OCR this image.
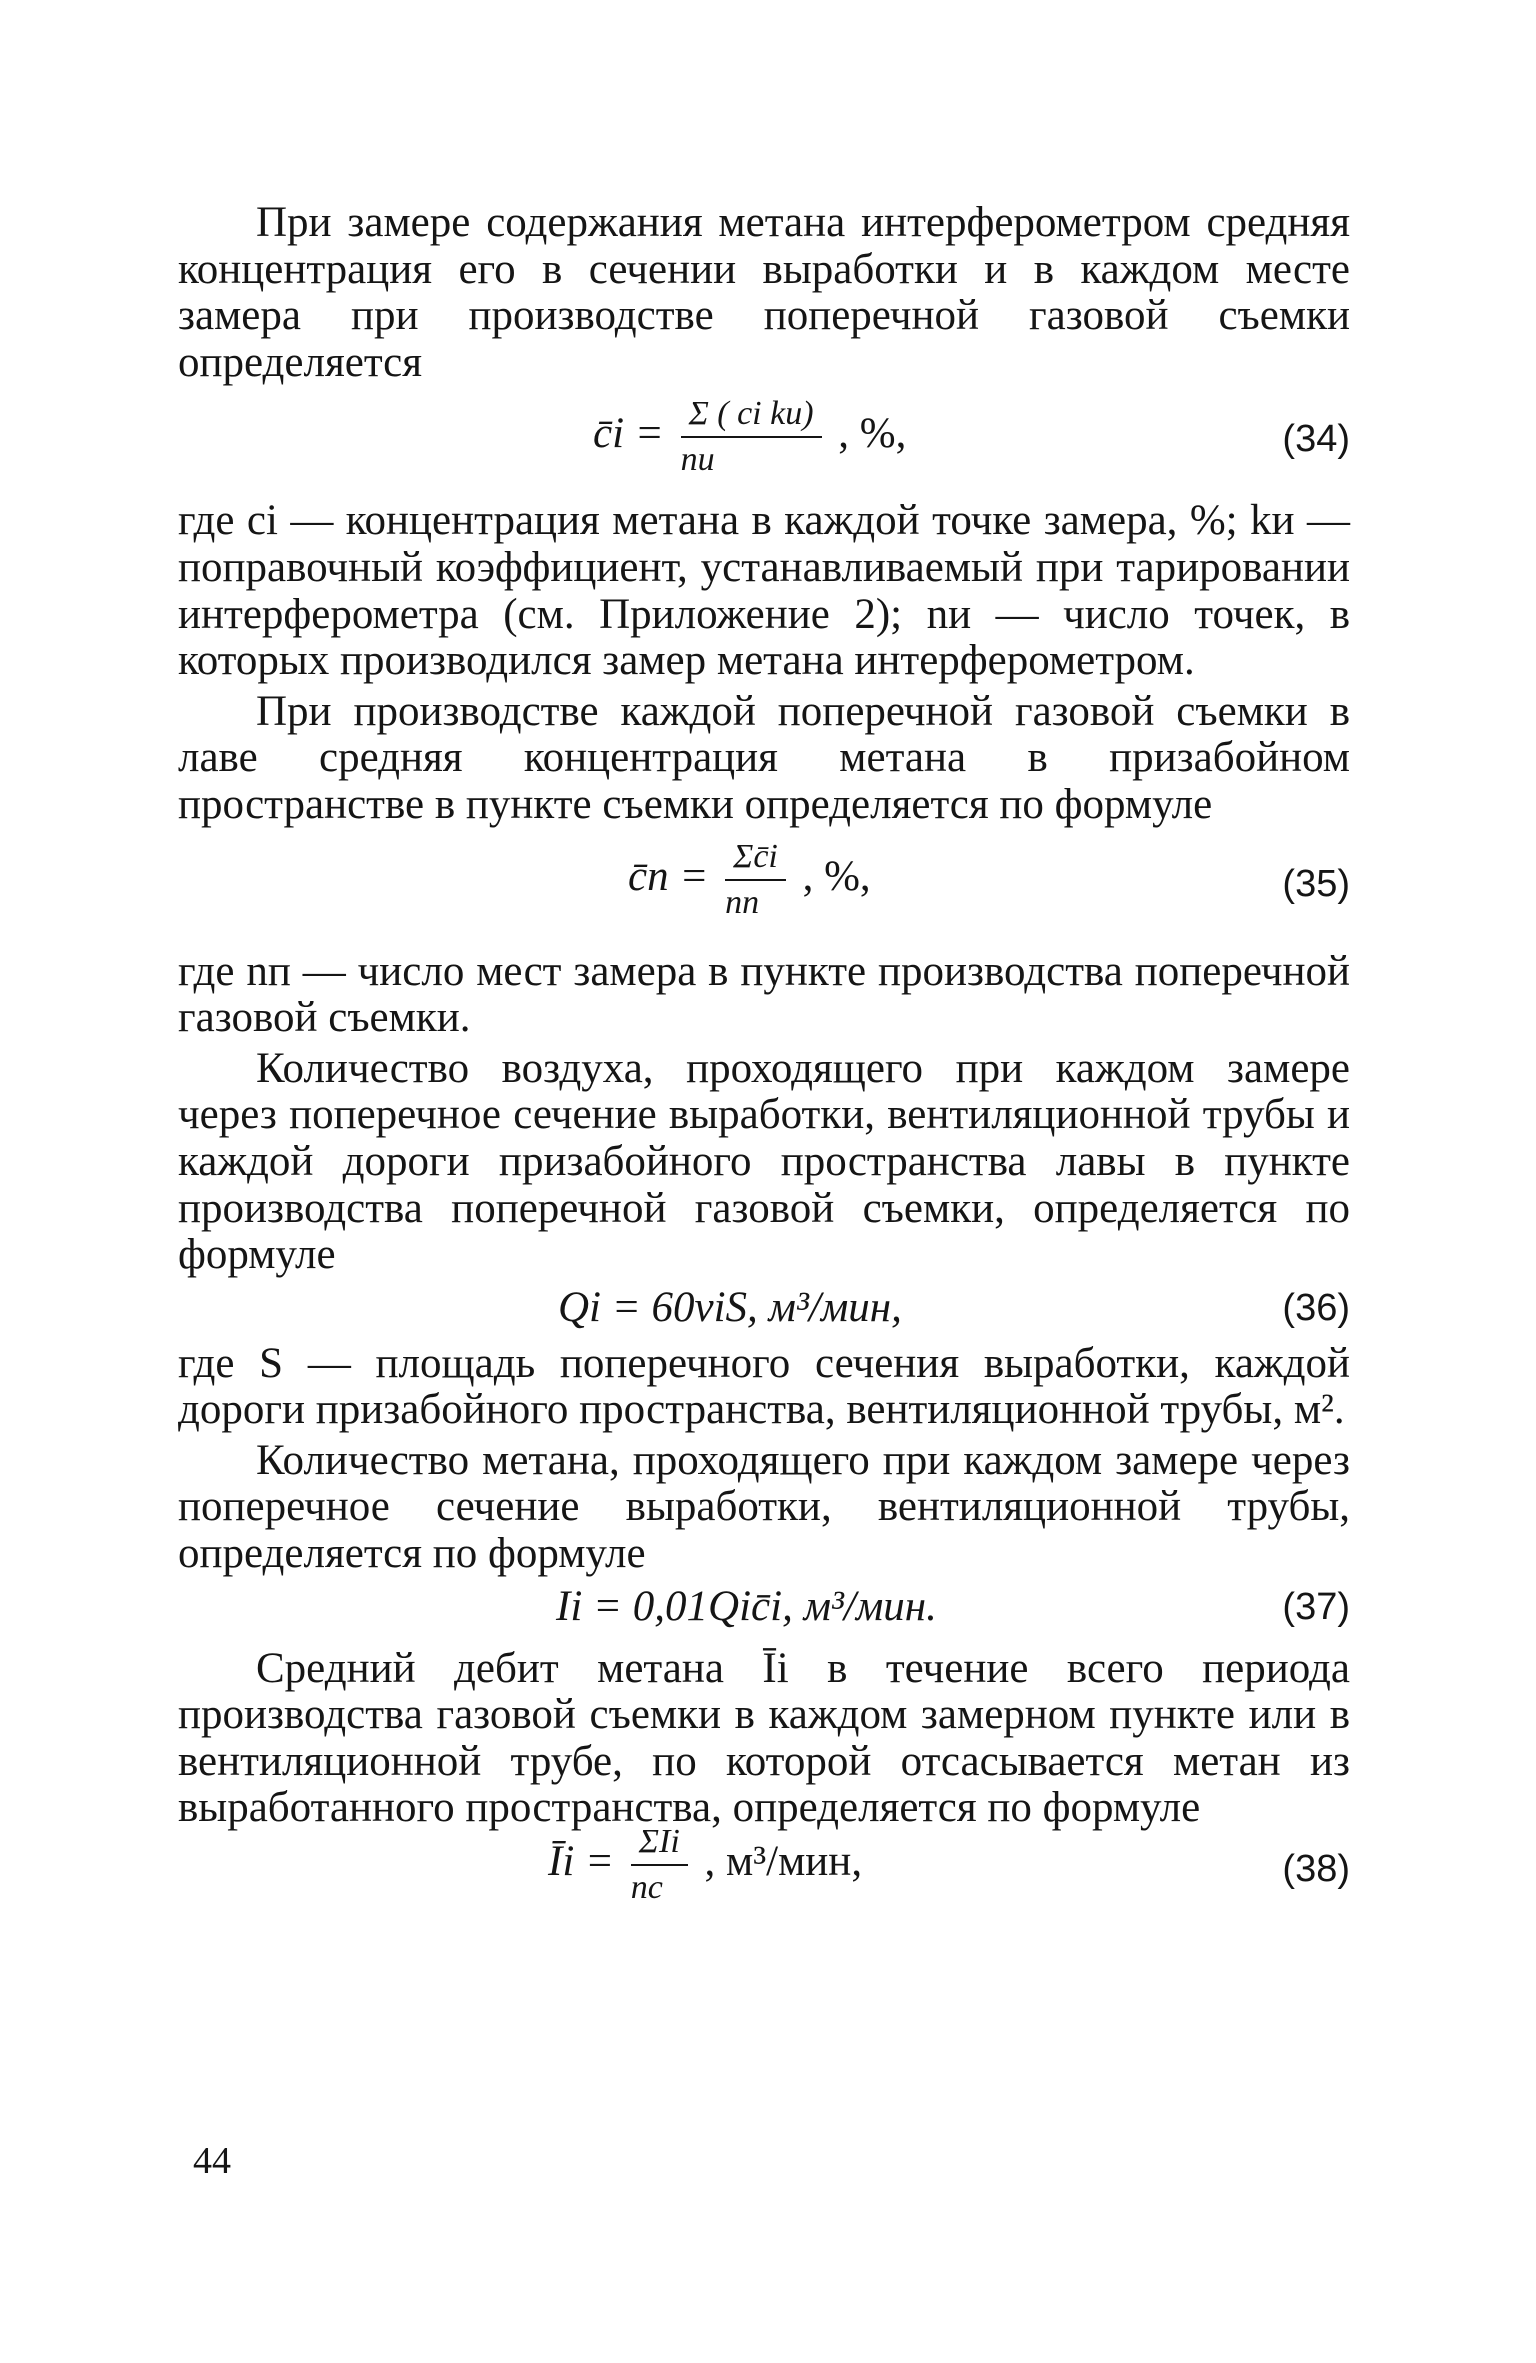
При замере содержания метана интерферометром средняя концентрация его в сечении выработки и в каждом месте замера при производстве поперечной газовой съемки определяется

c̄i = $\frac{\text{Σ ( ci kи)}}{nи}$ , %,	(34)

где ci — концентрация метана в каждой точке замера, %; kи — поправочный коэффициент, устанавливаемый при тарировании интерферометра (см. Приложение 2); nи — число точек, в которых производился замер метана интерферометром.

При производстве каждой поперечной газовой съемки в лаве средняя концентрация метана в призабойном пространстве в пункте съемки определяется по формуле

c̄п = $\frac{\Sigma c̄i}{nп}$ , %,	(35)

где nп — число мест замера в пункте производства поперечной газовой съемки.

Количество воздуха, проходящего при каждом замере через поперечное сечение выработки, вентиляционной трубы и каждой дороги призабойного пространства лавы в пункте производства поперечной газовой съемки, определяется по формуле

Qi = 60viS, м³/мин,	(36)

где S — площадь поперечного сечения выработки, каждой дороги призабойного пространства, вентиляционной трубы, м².

Количество метана, проходящего при каждом замере через поперечное сечение выработки, вентиляционной трубы, определяется по формуле

Ii = 0,01Qic̄i, м³/мин.	(37)

Средний дебит метана Īi в течение всего периода производства газовой съемки в каждом замерном пункте или в вентиляционной трубе, по которой отсасывается метан из выработанного пространства, определяется по формуле

Īi = $\frac{\text{ΣIi}}{nс}$ , м³/мин,	(38)
44
